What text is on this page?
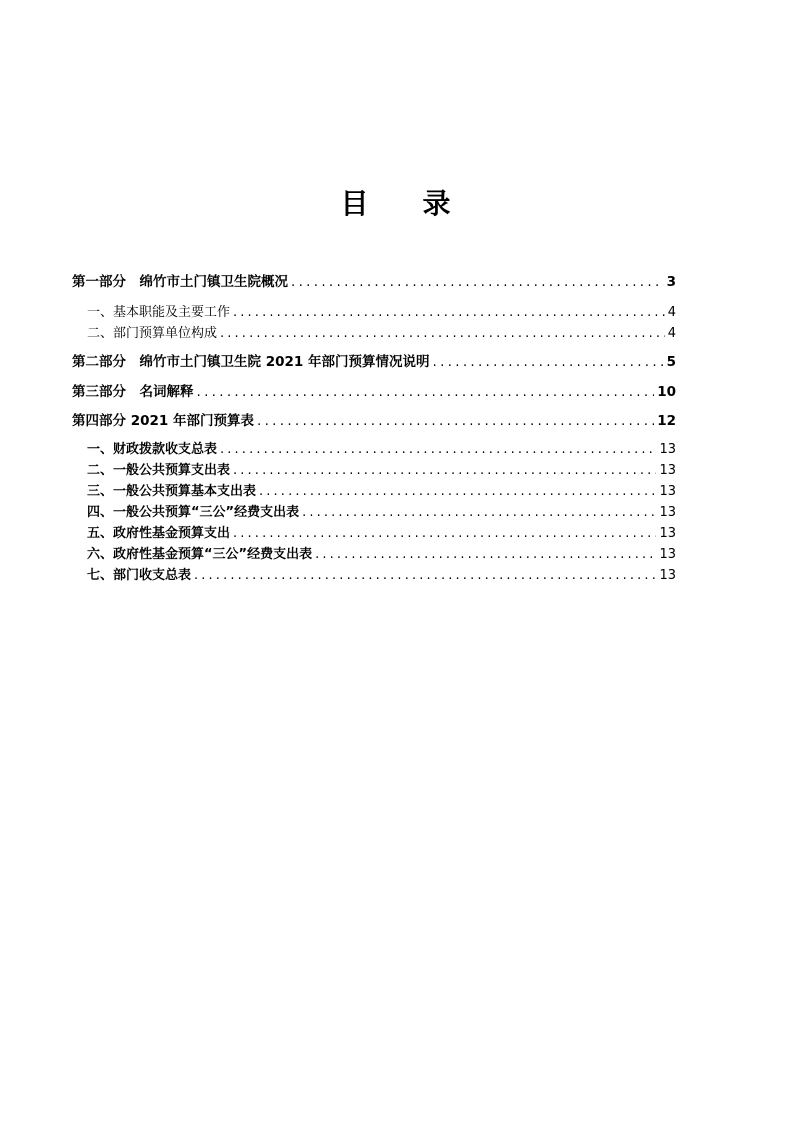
目 录
第一部分　绵竹市土门镇卫生院概况 . . .	3
一、基本职能及主要工作 . . .	4
二、部门预算单位构成 . . .	4
第二部分　绵竹市土门镇卫生院 2021 年部门预算情况说明 . . .	5
第三部分　名词解释 . . .	10
第四部分 2021 年部门预算表 . . .	12
一、财政拨款收支总表 . . .	13
二、一般公共预算支出表 . . .	13
三、一般公共预算基本支出表 . . .	13
四、一般公共预算“三公”经费支出表 . . .	13
五、政府性基金预算支出 . . .	13
六、政府性基金预算“三公”经费支出表 . . .	13
七、部门收支总表 . . .	13
